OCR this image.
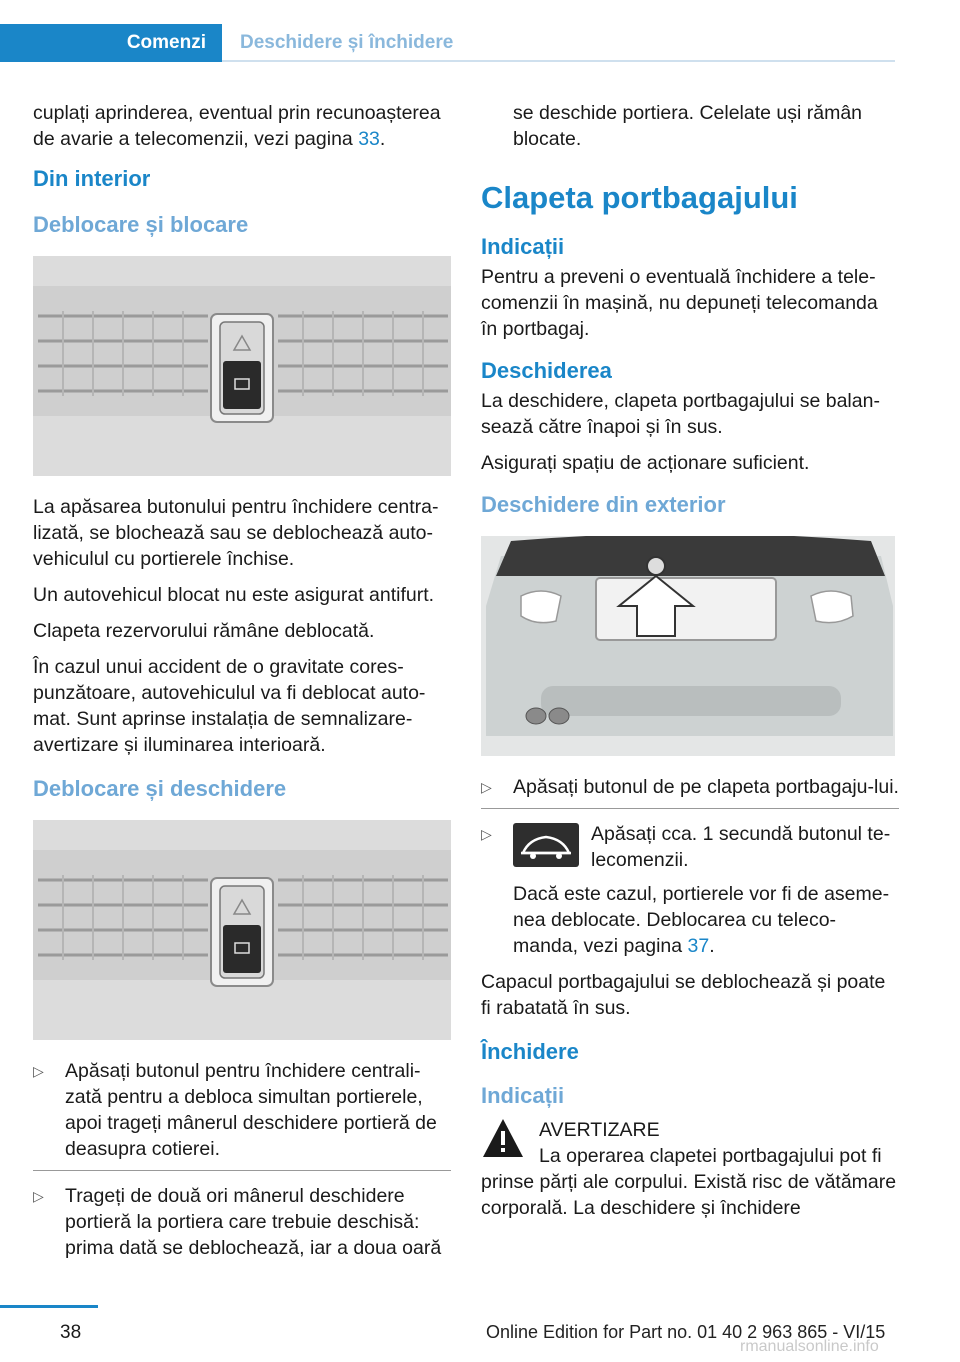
Comenzi	Deschidere și închidere

cuplați aprinderea, eventual prin recunoașterea de avarie a telecomenzii, vezi pagina 33.

Din interior
Deblocare și blocare

La apăsarea butonului pentru închidere centra-lizată, se blochează sau se deblochează auto-vehiculul cu portierele închise.

Un autovehicul blocat nu este asigurat antifurt.

Clapeta rezervorului rămâne deblocată.

În cazul unui accident de o gravitate cores-punzătoare, autovehiculul va fi deblocat auto-mat. Sunt aprinse instalația de semnalizare-avertizare și iluminarea interioară.

Deblocare și deschidere
▷ Apăsați butonul pentru închidere centrali-zată pentru a debloca simultan portierele, apoi trageți mânerul deschidere portieră de deasupra cotierei.
▷ Trageți de două ori mânerul deschidere portieră la portiera care trebuie deschisă: prima dată se deblochează, iar a doua oară

se deschide portiera. Celelate uși rămân blocate.

Clapeta portbagajului
Indicații

Pentru a preveni o eventuală închidere a tele-comenzii în mașină, nu depuneți telecomanda în portbagaj.

Deschiderea

La deschidere, clapeta portbagajului se balan-sează către înapoi și în sus.

Asigurați spațiu de acționare suficient.

Deschidere din exterior
▷ Apăsați butonul de pe clapeta portbagaju-lui.
▷	Apăsați cca. 1 secundă butonul te-lecomenzii.

Dacă este cazul, portierele vor fi de aseme-nea deblocate. Deblocarea cu teleco-manda, vezi pagina 37.

Capacul portbagajului se deblochează și poate fi rabatată în sus.

Închidere
Indicații

AVERTIZARE

La operarea clapetei portbagajului pot fi

prinse părți ale corpului. Există risc de vătămare corporală. La deschidere și închidere

38	Online Edition for Part no. 01 40 2 963 865 - VI/15
rmanualsonline.info
